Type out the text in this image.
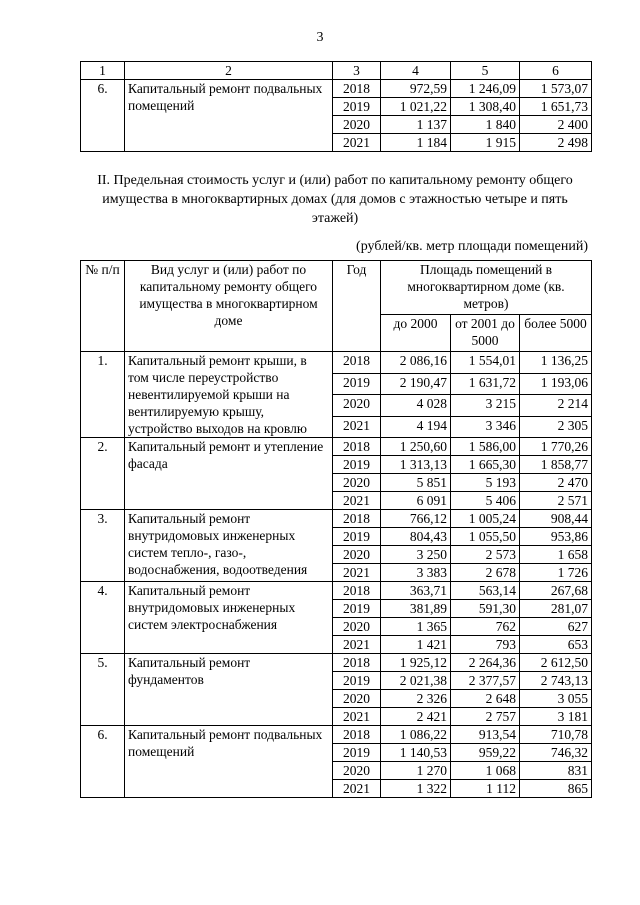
3
1	2	3	4	5	6
6.	Капитальный ремонт подвальных помещений	2018	972,59	1 246,09	1 573,07
		2019	1 021,22	1 308,40	1 651,73
		2020	1 137	1 840	2 400
		2021	1 184	1 915	2 498
II. Предельная стоимость услуг и (или) работ по капитальному ремонту общего имущества в многоквартирных домах (для домов с этажностью четыре и пять этажей)
(рублей/кв. метр площади помещений)
№ п/п	Вид услуг и (или) работ по капитальному ремонту общего имущества в многоквартирном доме	Год	Площадь помещений в многоквартирном доме (кв. метров)		
			до 2000	от 2001 до 5000	более 5000
1.	Капитальный ремонт крыши, в том числе переустройство невентилируемой крыши на вентилируемую крышу, устройство выходов на кровлю	2018	2 086,16	1 554,01	1 136,25
		2019	2 190,47	1 631,72	1 193,06
		2020	4 028	3 215	2 214
		2021	4 194	3 346	2 305
2.	Капитальный ремонт и утепление фасада	2018	1 250,60	1 586,00	1 770,26
		2019	1 313,13	1 665,30	1 858,77
		2020	5 851	5 193	2 470
		2021	6 091	5 406	2 571
3.	Капитальный ремонт внутридомовых инженерных систем тепло-, газо-, водоснабжения, водоотведения	2018	766,12	1 005,24	908,44
		2019	804,43	1 055,50	953,86
		2020	3 250	2 573	1 658
		2021	3 383	2 678	1 726
4.	Капитальный ремонт внутридомовых инженерных систем электроснабжения	2018	363,71	563,14	267,68
		2019	381,89	591,30	281,07
		2020	1 365	762	627
		2021	1 421	793	653
5.	Капитальный ремонт фундаментов	2018	1 925,12	2 264,36	2 612,50
		2019	2 021,38	2 377,57	2 743,13
		2020	2 326	2 648	3 055
		2021	2 421	2 757	3 181
6.	Капитальный ремонт подвальных помещений	2018	1 086,22	913,54	710,78
		2019	1 140,53	959,22	746,32
		2020	1 270	1 068	831
		2021	1 322	1 112	865
